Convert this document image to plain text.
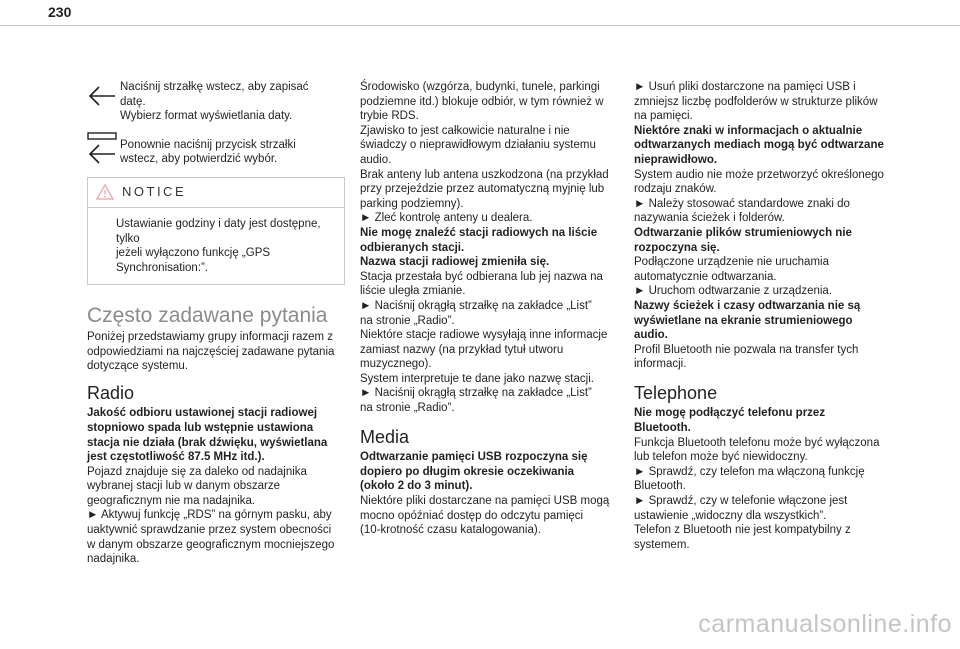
230
Naciśnij strzałkę wstecz, aby zapisać
datę.
Wybierz format wyświetlania daty.
Ponownie naciśnij przycisk strzałki
wstecz, aby potwierdzić wybór.
NOTICE
Ustawianie godziny i daty jest dostępne, tylko
jeżeli wyłączono funkcję „GPS
Synchronisation:”.
Często zadawane pytania
Poniżej przedstawiamy grupy informacji razem z
odpowiedziami na najczęściej zadawane pytania
dotyczące systemu.
Radio
Jakość odbioru ustawionej stacji radiowej
stopniowo spada lub wstępnie ustawiona
stacja nie działa (brak dźwięku, wyświetlana
jest częstotliwość 87.5 MHz itd.).
Pojazd znajduje się za daleko od nadajnika
wybranej stacji lub w danym obszarze
geograficznym nie ma nadajnika.
► Aktywuj funkcję „RDS” na górnym pasku, aby
uaktywnić sprawdzanie przez system obecności
w danym obszarze geograficznym mocniejszego
nadajnika.
Środowisko (wzgórza, budynki, tunele, parkingi
podziemne itd.) blokuje odbiór, w tym również w
trybie RDS.
Zjawisko to jest całkowicie naturalne i nie
świadczy o nieprawidłowym działaniu systemu
audio.
Brak anteny lub antena uszkodzona (na przykład
przy przejeździe przez automatyczną myjnię lub
parking podziemny).
► Zleć kontrolę anteny u dealera.
Nie mogę znaleźć stacji radiowych na liście
odbieranych stacji.
Nazwa stacji radiowej zmieniła się.
Stacja przestała być odbierana lub jej nazwa na
liście uległa zmianie.
► Naciśnij okrągłą strzałkę na zakładce „List”
na stronie „Radio”.
Niektóre stacje radiowe wysyłają inne informacje
zamiast nazwy (na przykład tytuł utworu
muzycznego).
System interpretuje te dane jako nazwę stacji.
► Naciśnij okrągłą strzałkę na zakładce „List”
na stronie „Radio”.
Media
Odtwarzanie pamięci USB rozpoczyna się
dopiero po długim okresie oczekiwania
(około 2 do 3 minut).
Niektóre pliki dostarczane na pamięci USB mogą
mocno opóźniać dostęp do odczytu pamięci
(10-krotność czasu katalogowania).
► Usuń pliki dostarczone na pamięci USB i
zmniejsz liczbę podfolderów w strukturze plików
na pamięci.
Niektóre znaki w informacjach o aktualnie
odtwarzanych mediach mogą być odtwarzane
nieprawidłowo.
System audio nie może przetworzyć określonego
rodzaju znaków.
► Należy stosować standardowe znaki do
nazywania ścieżek i folderów.
Odtwarzanie plików strumieniowych nie
rozpoczyna się.
Podłączone urządzenie nie uruchamia
automatycznie odtwarzania.
► Uruchom odtwarzanie z urządzenia.
Nazwy ścieżek i czasy odtwarzania nie są
wyświetlane na ekranie strumieniowego
audio.
Profil Bluetooth nie pozwala na transfer tych
informacji.
Telephone
Nie mogę podłączyć telefonu przez
Bluetooth.
Funkcja Bluetooth telefonu może być wyłączona
lub telefon może być niewidoczny.
► Sprawdź, czy telefon ma włączoną funkcję
Bluetooth.
► Sprawdź, czy w telefonie włączone jest
ustawienie „widoczny dla wszystkich”.
Telefon z Bluetooth nie jest kompatybilny z
systemem.
carmanualsonline.info
